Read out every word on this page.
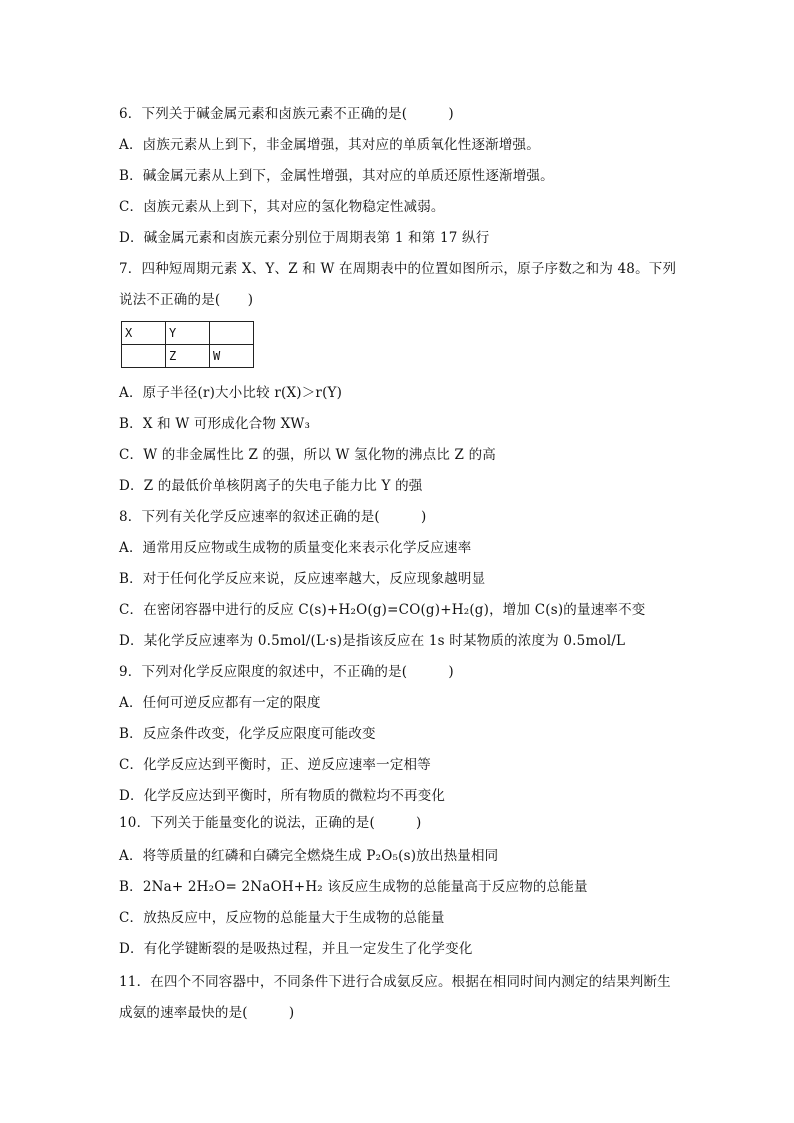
6．下列关于碱金属元素和卤族元素不正确的是(　　　)
A．卤族元素从上到下，非金属增强，其对应的单质氧化性逐渐增强。
B．碱金属元素从上到下，金属性增强，其对应的单质还原性逐渐增强。
C．卤族元素从上到下，其对应的氢化物稳定性减弱。
D．碱金属元素和卤族元素分别位于周期表第 1 和第 17 纵行
7．四种短周期元素 X、Y、Z 和 W 在周期表中的位置如图所示，原子序数之和为 48。下列
说法不正确的是(　　)
X	Y	
	Z	W
A．原子半径(r)大小比较 r(X)＞r(Y)
B．X 和 W 可形成化合物 XW₃
C．W 的非金属性比 Z 的强，所以 W 氢化物的沸点比 Z 的高
D．Z 的最低价单核阴离子的失电子能力比 Y 的强
8．下列有关化学反应速率的叙述正确的是(　　　)
A．通常用反应物或生成物的质量变化来表示化学反应速率
B．对于任何化学反应来说，反应速率越大，反应现象越明显
C．在密闭容器中进行的反应 C(s)+H₂O(g)=CO(g)+H₂(g)，增加 C(s)的量速率不变
D．某化学反应速率为 0.5mol/(L·s)是指该反应在 1s 时某物质的浓度为 0.5mol/L
9．下列对化学反应限度的叙述中，不正确的是(　　　)
A．任何可逆反应都有一定的限度
B．反应条件改变，化学反应限度可能改变
C．化学反应达到平衡时，正、逆反应速率一定相等
D．化学反应达到平衡时，所有物质的微粒均不再变化
10．下列关于能量变化的说法，正确的是(　　　)
A．将等质量的红磷和白磷完全燃烧生成 P₂O₅(s)放出热量相同
B．2Na+ 2H₂O= 2NaOH+H₂ 该反应生成物的总能量高于反应物的总能量
C．放热反应中，反应物的总能量大于生成物的总能量
D．有化学键断裂的是吸热过程，并且一定发生了化学变化
11．在四个不同容器中，不同条件下进行合成氨反应。根据在相同时间内测定的结果判断生
成氨的速率最快的是(　　　)
